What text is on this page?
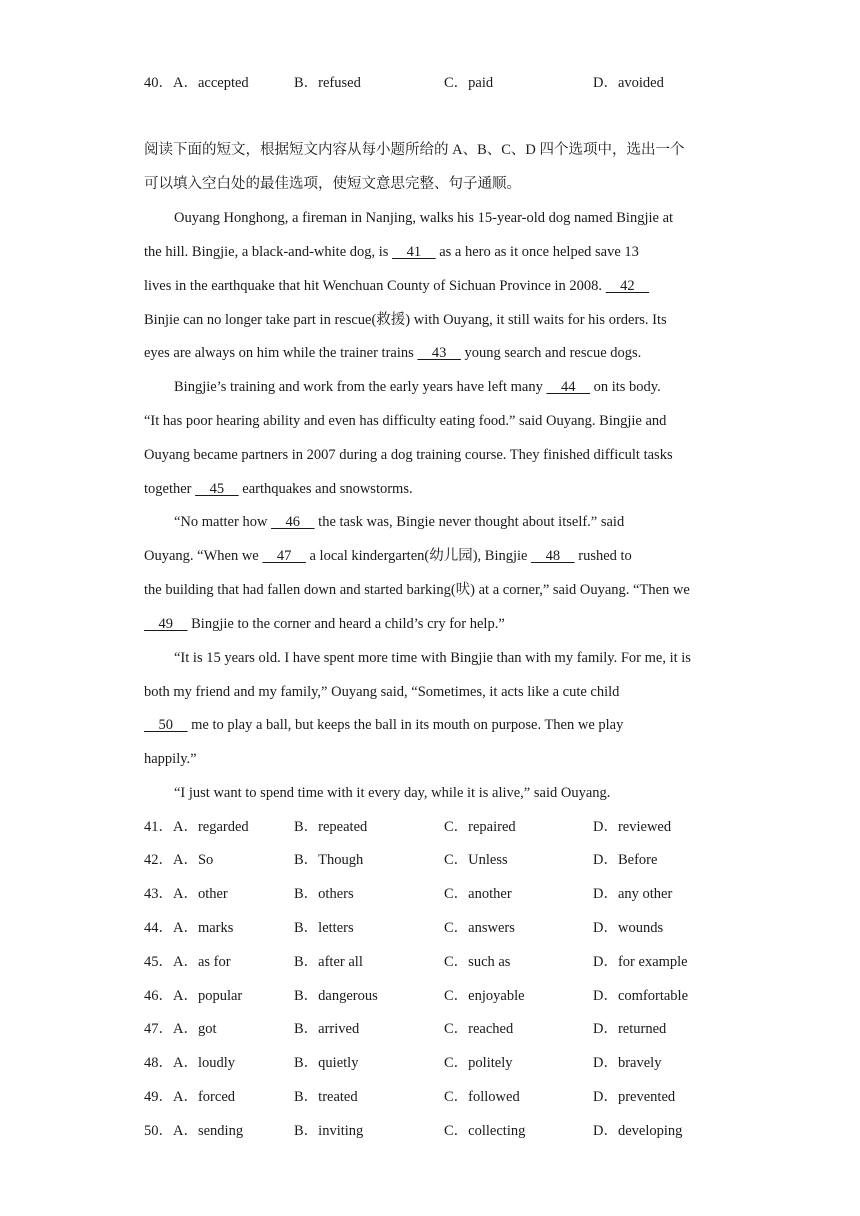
40．A．accepted	B．refused	C．paid	D．avoided
阅读下面的短文，根据短文内容从每小题所给的 A、B、C、D 四个选项中，选出一个
可以填入空白处的最佳选项，使短文意思完整、句子通顺。
Ouyang Honghong, a fireman in Nanjing, walks his 15-year-old dog named Bingjie at
the hill. Bingjie, a black-and-white dog, is     41     as a hero as it once helped save 13
lives in the earthquake that hit Wenchuan County of Sichuan Province in 2008.     42
Binjie can no longer take part in rescue(救援) with Ouyang, it still waits for his orders. Its
eyes are always on him while the trainer trains     43     young search and rescue dogs.
Bingjie’s training and work from the early years have left many     44     on its body.
“It has poor hearing ability and even has difficulty eating food.” said Ouyang. Bingjie and
Ouyang became partners in 2007 during a dog training course. They finished difficult tasks
together     45     earthquakes and snowstorms.
“No matter how     46     the task was, Bingie never thought about itself.” said
Ouyang. “When we     47     a local kindergarten(幼儿园), Bingjie     48     rushed to
the building that had fallen down and started barking(吠) at a corner,” said Ouyang. “Then we
49     Bingjie to the corner and heard a child’s cry for help.”
“It is 15 years old. I have spent more time with Bingjie than with my family. For me, it is
both my friend and my family,” Ouyang said, “Sometimes, it acts like a cute child
50     me to play a ball, but keeps the ball in its mouth on purpose. Then we play
happily.”
“I just want to spend time with it every day, while it is alive,” said Ouyang.
41．A．regarded	B．repeated	C．repaired	D．reviewed
42．A．So	B．Though	C．Unless	D．Before
43．A．other	B．others	C．another	D．any other
44．A．marks	B．letters	C．answers	D．wounds
45．A．as for	B．after all	C．such as	D．for example
46．A．popular	B．dangerous	C．enjoyable	D．comfortable
47．A．got	B．arrived	C．reached	D．returned
48．A．loudly	B．quietly	C．politely	D．bravely
49．A．forced	B．treated	C．followed	D．prevented
50．A．sending	B．inviting	C．collecting	D．developing
